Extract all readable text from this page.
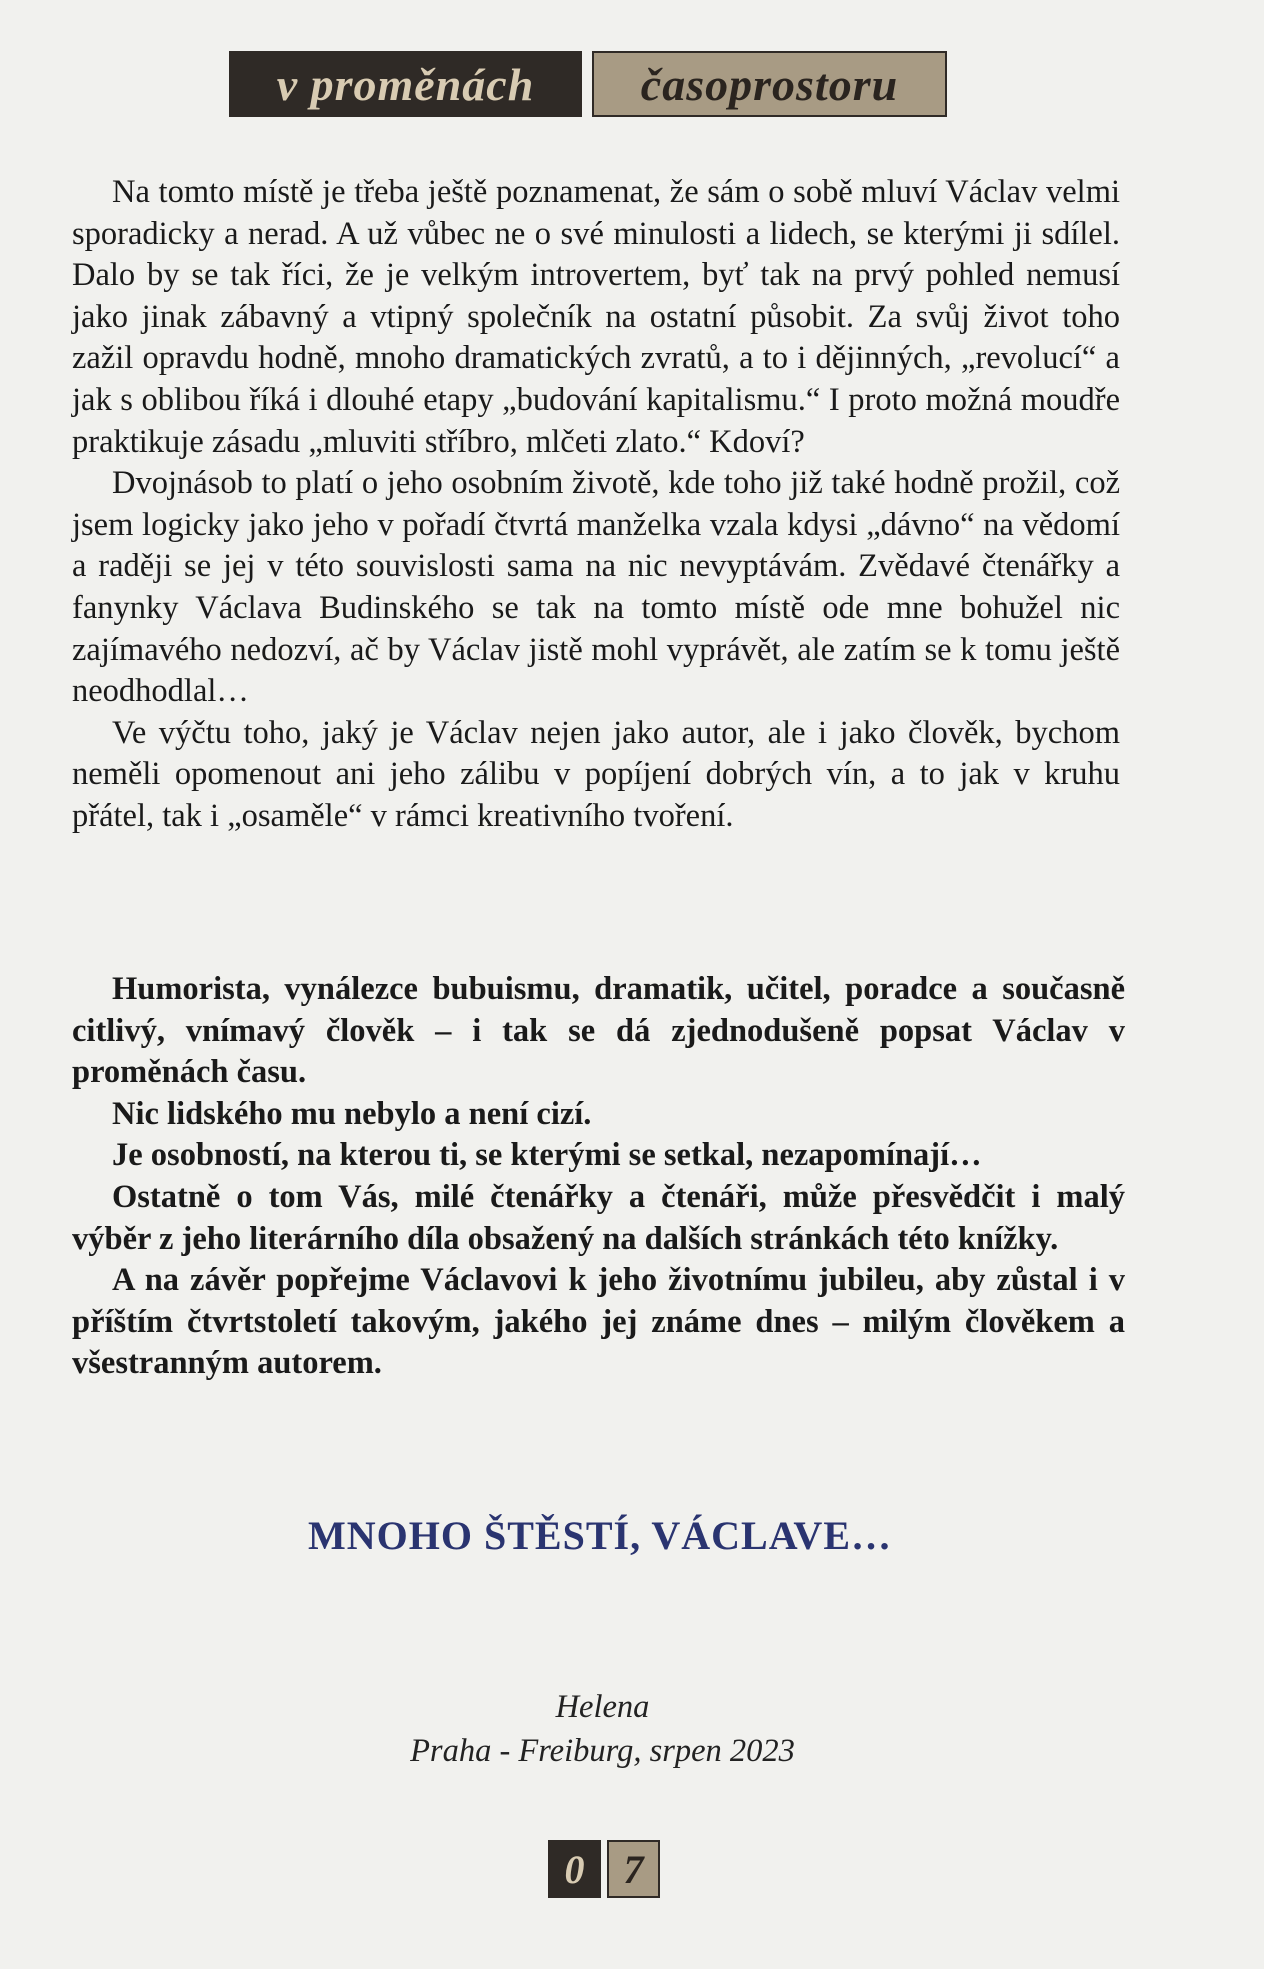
v proměnách	časoprostoru

Na tomto místě je třeba ještě poznamenat, že sám o sobě mluví Václav velmi sporadicky a nerad. A už vůbec ne o své minulosti a lidech, se kterými ji sdílel. Dalo by se tak říci, že je velkým introvertem, byť tak na prvý pohled nemusí jako jinak zábavný a vtipný společník na ostatní působit. Za svůj život toho zažil opravdu hodně, mnoho dramatických zvratů, a to i dějinných, „revolucí“ a jak s oblibou říká i dlouhé etapy „budování kapitalismu.“ I proto možná moudře praktikuje zásadu „mluviti stříbro, mlčeti zlato.“ Kdoví?

Dvojnásob to platí o jeho osobním životě, kde toho již také hodně prožil, což jsem logicky jako jeho v pořadí čtvrtá manželka vzala kdysi „dávno“ na vědomí a raději se jej v této souvislosti sama na nic nevyptávám. Zvědavé čtenářky a fanynky Václava Budinského se tak na tomto místě ode mne bohužel nic zajímavého nedozví, ač by Václav jistě mohl vyprávět, ale zatím se k tomu ještě neodhodlal…

Ve výčtu toho, jaký je Václav nejen jako autor, ale i jako člověk, bychom neměli opomenout ani jeho zálibu v popíjení dobrých vín, a to jak v kruhu přátel, tak i „osaměle“ v rámci kreativního tvoření.

Humorista, vynálezce bubuismu, dramatik, učitel, poradce a současně citlivý, vnímavý člověk – i tak se dá zjednodušeně popsat Václav v proměnách času.

Nic lidského mu nebylo a není cizí.

Je osobností, na kterou ti, se kterými se setkal, nezapomínají…

Ostatně o tom Vás, milé čtenářky a čtenáři, může přesvědčit i malý výběr z jeho literárního díla obsažený na dalších stránkách této knížky.

A na závěr popřejme Václavovi k jeho životnímu jubileu, aby zůstal i v příštím čtvrtstoletí takovým, jakého jej známe dnes – milým člověkem a všestranným autorem.

MNOHO ŠTĚSTÍ, VÁCLAVE…
Helena
Praha - Freiburg, srpen 2023
0 7
